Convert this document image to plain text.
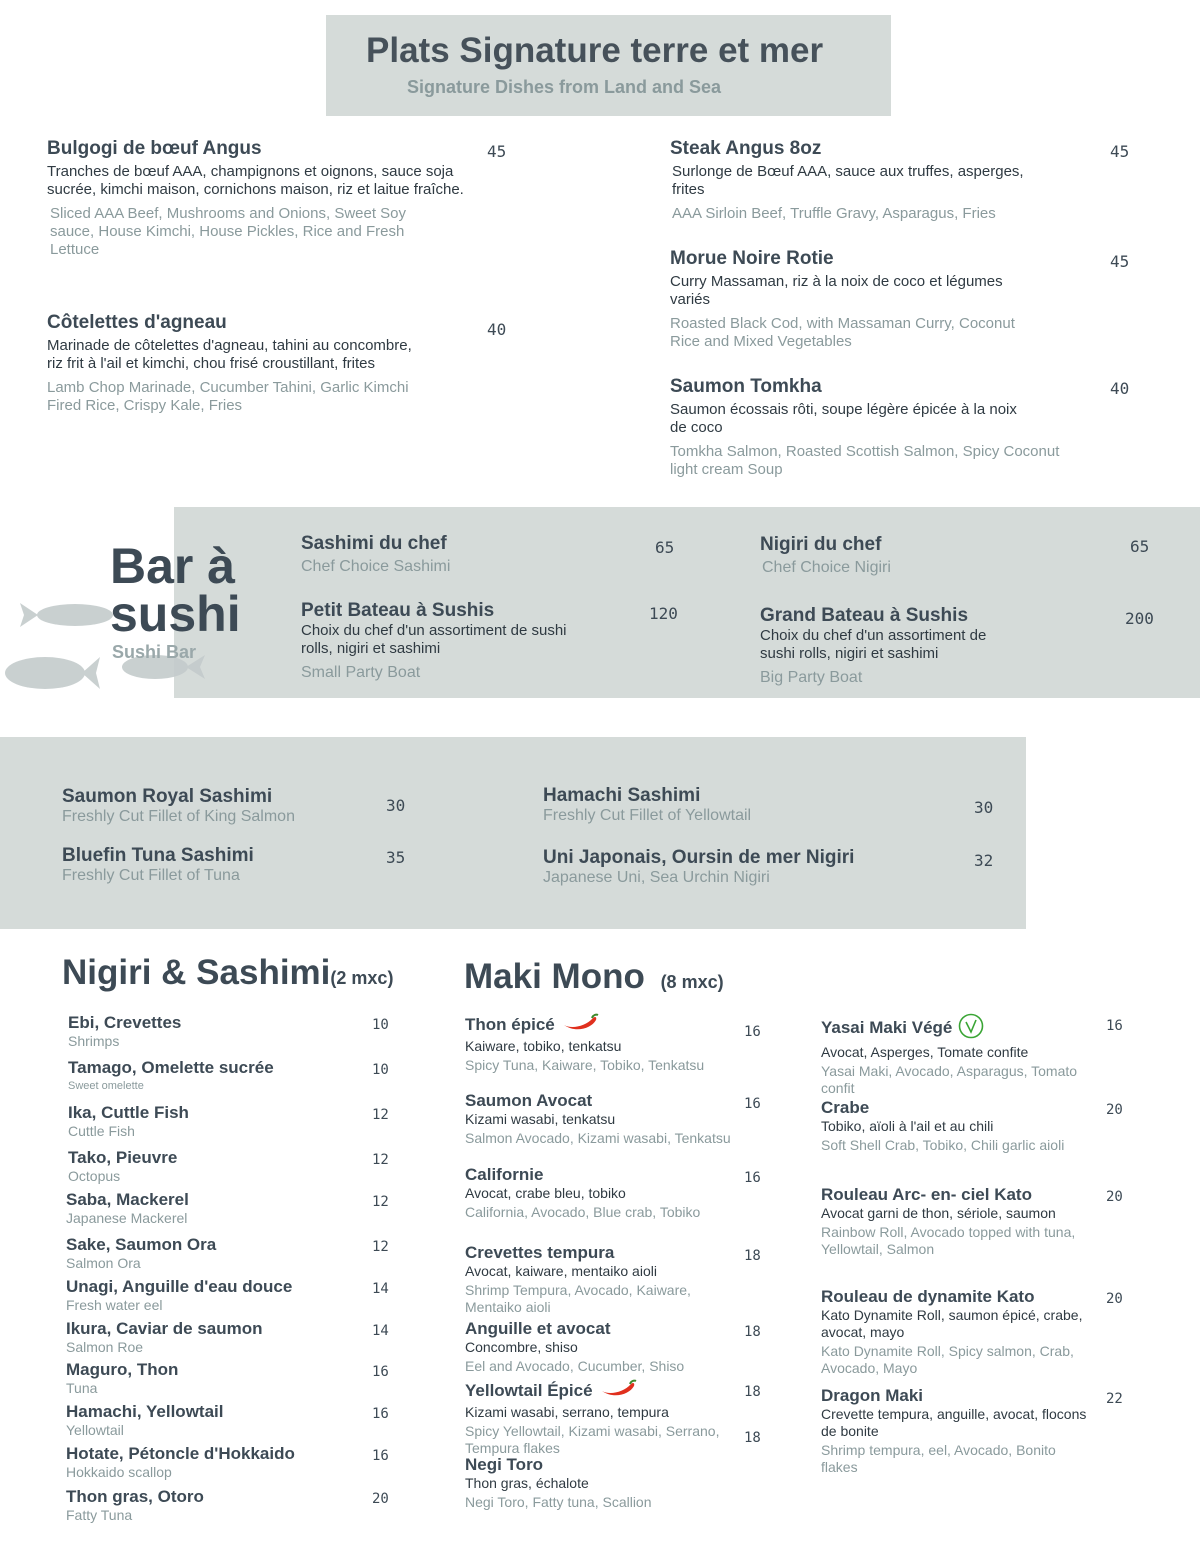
Plats Signature terre et mer
Signature Dishes from Land and Sea
Bulgogi de bœuf Angus
Tranches de bœuf AAA, champignons et oignons, sauce soja sucrée, kimchi maison, cornichons maison, riz et laitue fraîche.
Sliced AAA Beef, Mushrooms and Onions, Sweet Soy sauce, House Kimchi, House Pickles, Rice and Fresh Lettuce
45
Côtelettes d'agneau
Marinade de côtelettes d'agneau, tahini au concombre, riz frit à l'ail et kimchi, chou frisé croustillant, frites
Lamb Chop Marinade, Cucumber Tahini, Garlic Kimchi Fired Rice, Crispy Kale, Fries
40
Steak Angus 8oz
Surlonge de Bœuf AAA, sauce aux truffes, asperges, frites
AAA Sirloin Beef, Truffle Gravy, Asparagus, Fries
45
Morue Noire Rotie
Curry Massaman, riz à la noix de coco et légumes variés
Roasted Black Cod, with Massaman Curry, Coconut Rice and Mixed Vegetables
45
Saumon Tomkha
Saumon écossais rôti, soupe légère épicée à la noix de coco
Tomkha Salmon, Roasted Scottish Salmon, Spicy Coconut light cream Soup
40
Bar à
sushi
Sushi Bar
Sashimi du chef
Chef Choice Sashimi
65
Petit Bateau à Sushis
Choix du chef d'un assortiment de sushi rolls, nigiri et sashimi
Small Party Boat
120
Nigiri du chef
Chef Choice Nigiri
65
Grand Bateau à Sushis
Choix du chef d'un assortiment de sushi rolls, nigiri et sashimi
Big Party Boat
200
Saumon Royal Sashimi
Freshly Cut Fillet of King Salmon
30
Bluefin Tuna Sashimi
Freshly Cut Fillet of Tuna
35
Hamachi Sashimi
Freshly Cut Fillet of Yellowtail	30
Uni Japonais, Oursin de mer Nigiri
Japanese Uni, Sea Urchin Nigiri
32
Nigiri & Sashimi(2 mxc)
Ebi, Crevettes
Shrimps
10
Tamago, Omelette sucrée
Sweet omelette
10
Ika, Cuttle Fish
Cuttle Fish
12
Tako, Pieuvre
Octopus
12
Saba, Mackerel
Japanese Mackerel
12
Sake, Saumon Ora
Salmon Ora
12
Unagi, Anguille d'eau douce
Fresh water eel
14
Ikura, Caviar de saumon
Salmon Roe
14
Maguro, Thon
Tuna
16
Hamachi, Yellowtail
Yellowtail
16
Hotate, Pétoncle d'Hokkaido
Hokkaido scallop
16
Thon gras, Otoro
Fatty Tuna
20
Maki Mono (8 mxc)
Thon épicé
Kaiware, tobiko, tenkatsu
Spicy Tuna, Kaiware, Tobiko, Tenkatsu
16
Saumon Avocat
Kizami wasabi, tenkatsu
Salmon Avocado, Kizami wasabi, Tenkatsu
16
Californie
Avocat, crabe bleu, tobiko
California, Avocado, Blue crab, Tobiko
16
Crevettes tempura
Avocat, kaiware, mentaiko aioli
Shrimp Tempura, Avocado, Kaiware, Mentaiko aioli
18
Anguille et avocat
Concombre, shiso
Eel and Avocado, Cucumber, Shiso
18
Yellowtail Épicé
Kizami wasabi, serrano, tempura
Spicy Yellowtail, Kizami wasabi, Serrano, Tempura flakes
18
Negi Toro
Thon gras, échalote
Negi Toro, Fatty tuna, Scallion
18
Yasai Maki Végé
Avocat, Asperges, Tomate confite
Yasai Maki, Avocado, Asparagus, Tomato confit
16
Crabe
Tobiko, aïoli à l'ail et au chili
Soft Shell Crab, Tobiko, Chili garlic aioli
20
Rouleau Arc- en- ciel Kato
Avocat garni de thon, sériole, saumon
Rainbow Roll, Avocado topped with tuna, Yellowtail, Salmon
20
Rouleau de dynamite Kato
Kato Dynamite Roll, saumon épicé, crabe, avocat, mayo
Kato Dynamite Roll, Spicy salmon, Crab, Avocado, Mayo
20
Dragon Maki
Crevette tempura, anguille, avocat, flocons de bonite
Shrimp tempura, eel, Avocado, Bonito flakes
22
